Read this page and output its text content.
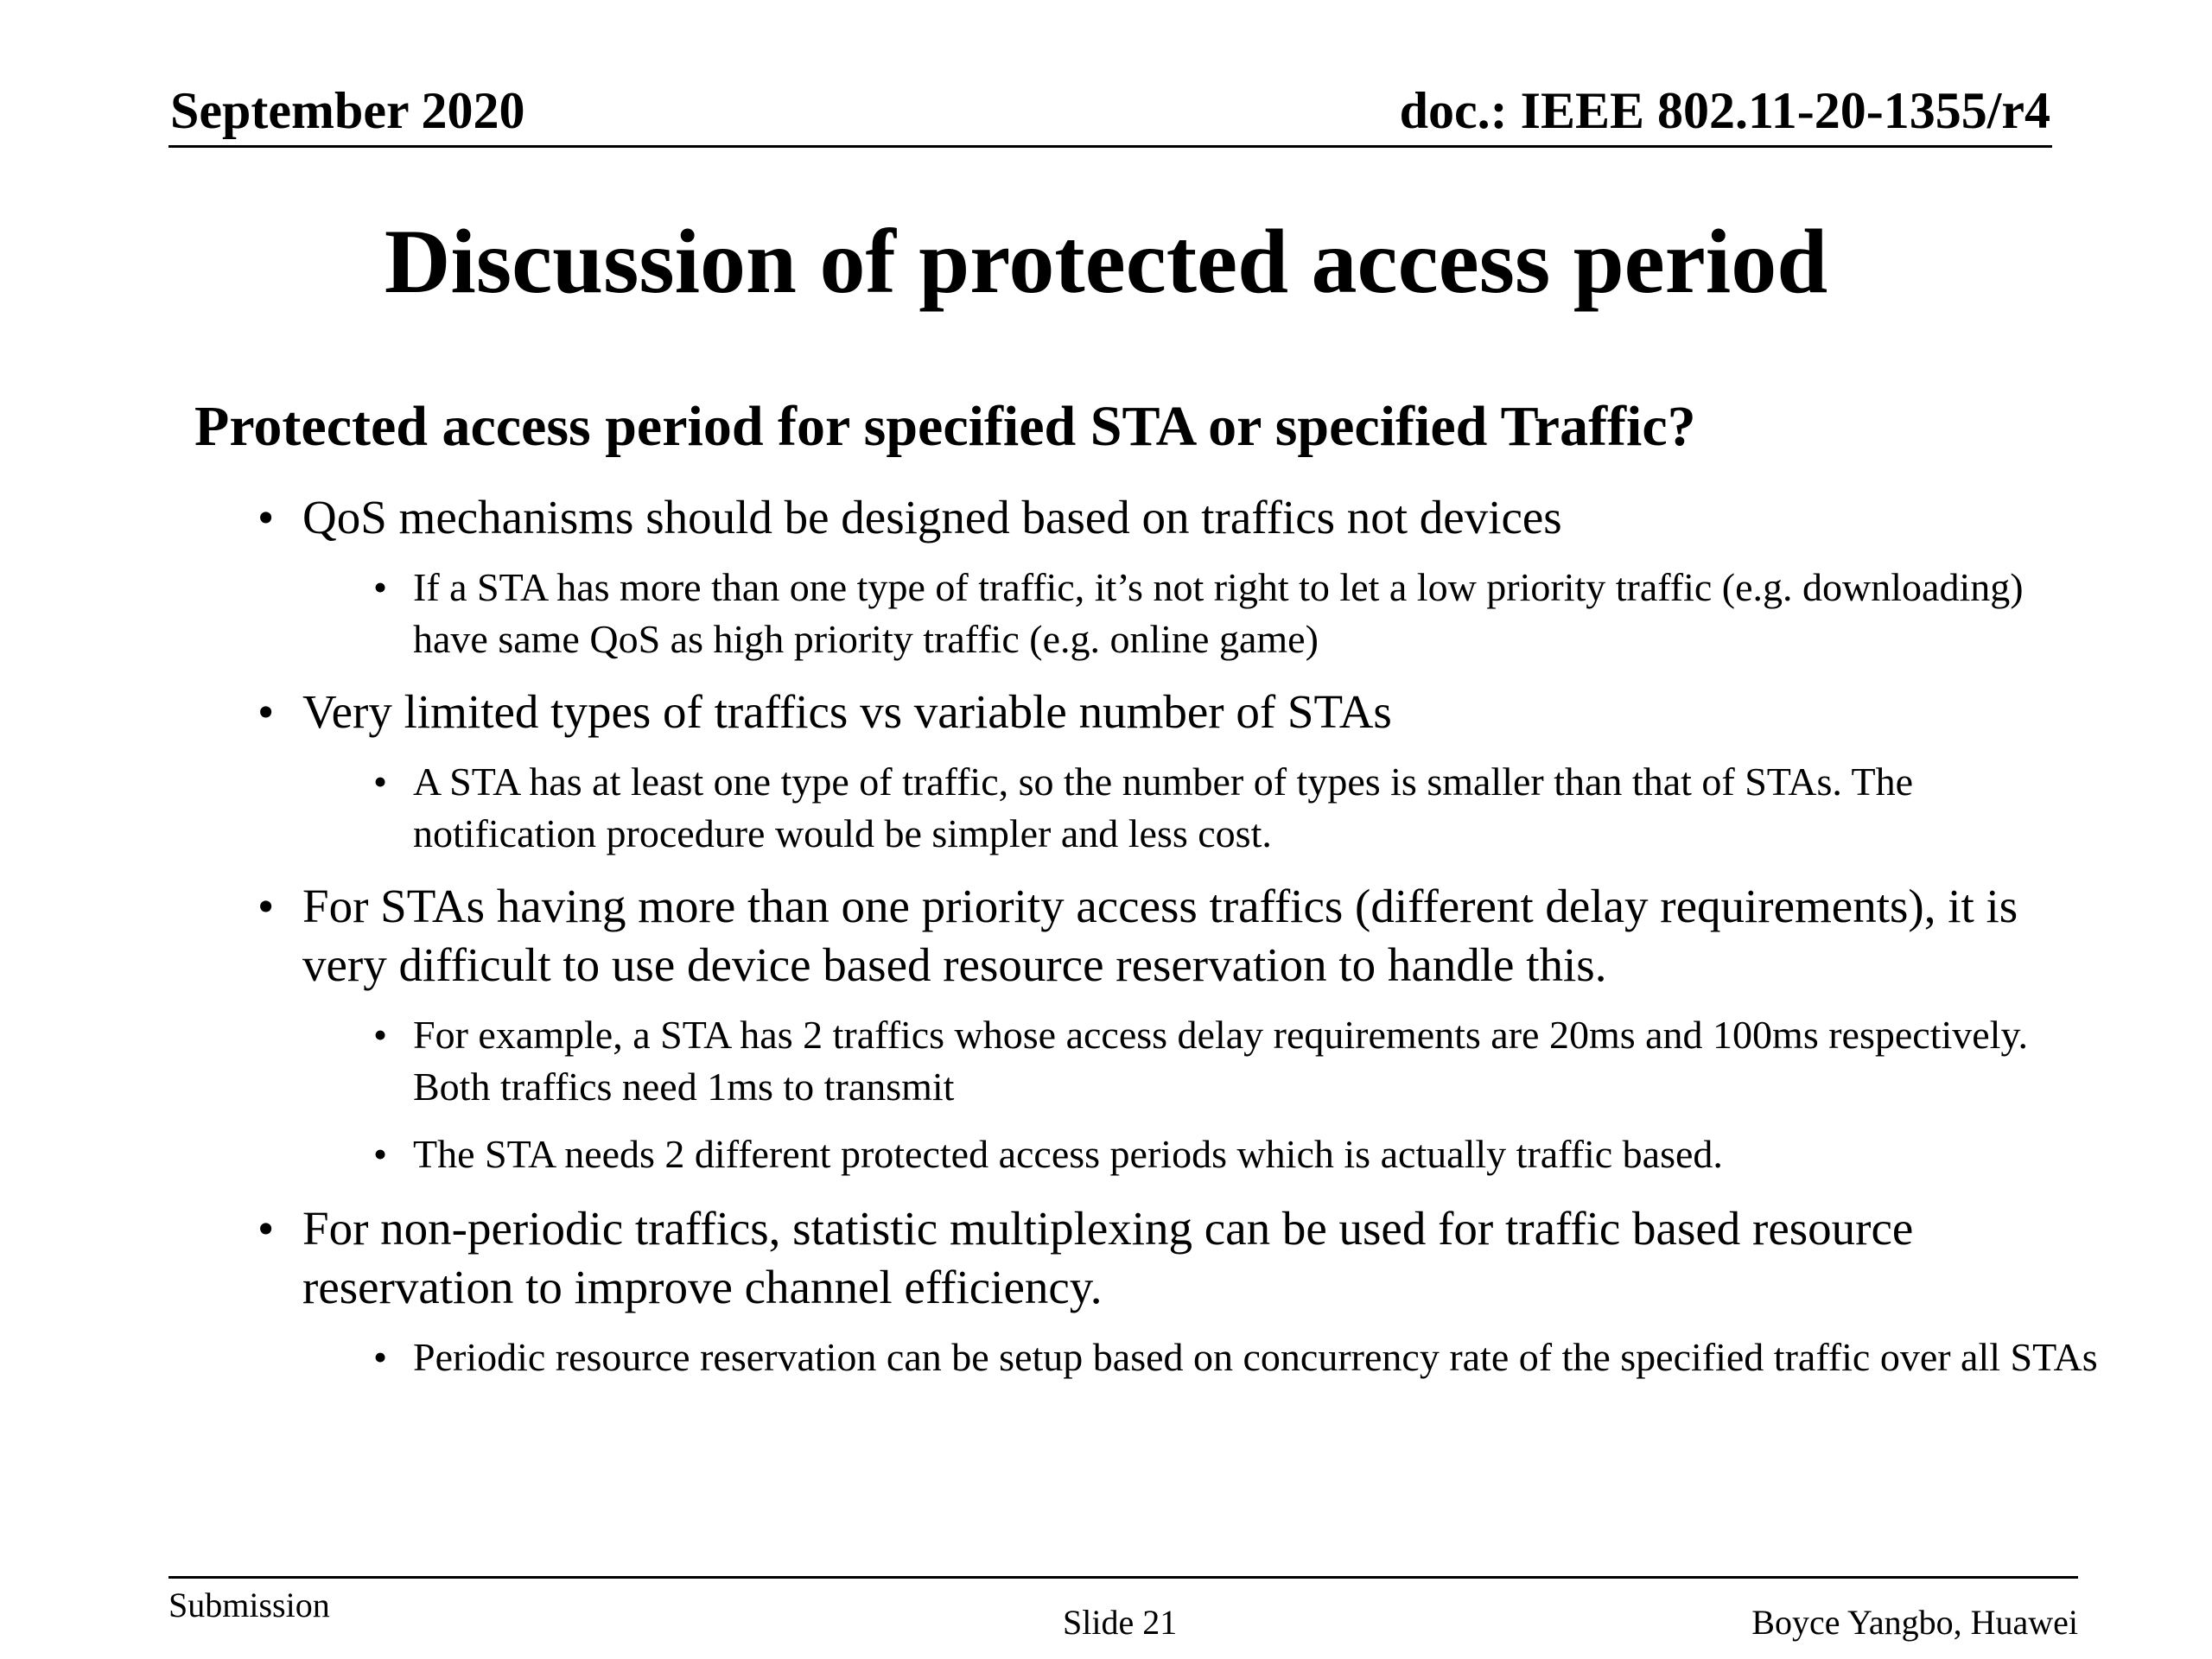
September 2020	doc.: IEEE 802.11-20-1355/r4
Discussion of protected access period
Protected access period for specified STA or specified Traffic?
• QoS mechanisms should be designed based on traffics not devices
• If a STA has more than one type of traffic, it’s not right to let a low priority traffic (e.g. downloading) have same QoS as high priority traffic (e.g. online game)
• Very limited types of traffics vs variable number of STAs
• A STA has at least one type of traffic, so the number of types is smaller than that of STAs. The notification procedure would be simpler and less cost.
• For STAs having more than one priority access traffics (different delay requirements), it is very difficult to use device based resource reservation to handle this.
• For example, a STA has 2 traffics whose access delay requirements are 20ms and 100ms respectively. Both traffics need 1ms to transmit
• The STA needs 2 different protected access periods which is actually traffic based.
• For non-periodic traffics, statistic multiplexing can be used for traffic based resource reservation to improve channel efficiency.
• Periodic resource reservation can be setup based on concurrency rate of the specified traffic over all STAs
Submission	Slide 21	Boyce Yangbo, Huawei
